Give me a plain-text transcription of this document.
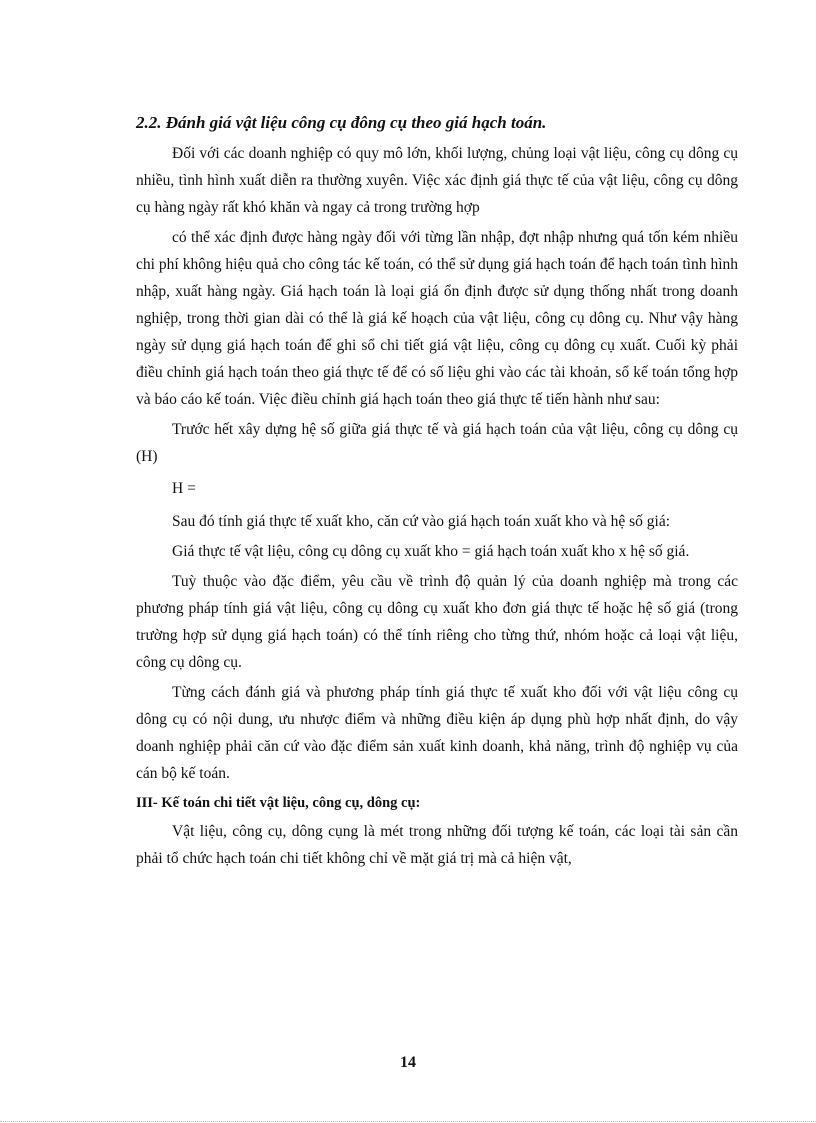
2.2. Đánh giá vật liệu công cụ đông cụ theo giá hạch toán.

Đối với các doanh nghiệp có quy mô lớn, khối lượng, chủng loại vật liệu, công cụ dông cụ nhiều, tình hình xuất diễn ra thường xuyên. Việc xác định giá thực tế của vật liệu, công cụ dông cụ hàng ngày rất khó khăn và ngay cả trong trường hợp

có thể xác định được hàng ngày đối với từng lần nhập, đợt nhập nhưng quá tốn kém nhiều chi phí không hiệu quả cho công tác kế toán, có thể sử dụng giá hạch toán để hạch toán tình hình nhập, xuất hàng ngày. Giá hạch toán là loại giá ổn định được sử dụng thống nhất trong doanh nghiệp, trong thời gian dài có thể là giá kế hoạch của vật liệu, công cụ dông cụ. Như vậy hàng ngày sử dụng giá hạch toán để ghi sổ chi tiết giá vật liệu, công cụ dông cụ xuất. Cuối kỳ phải điều chỉnh giá hạch toán theo giá thực tế để có số liệu ghi vào các tài khoản, sổ kế toán tổng hợp và báo cáo kế toán. Việc điều chỉnh giá hạch toán theo giá thực tế tiến hành như sau:

Trước hết xây dựng hệ số giữa giá thực tế và giá hạch toán của vật liệu, công cụ dông cụ (H)

H =

Sau đó tính giá thực tế xuất kho, căn cứ vào giá hạch toán xuất kho và hệ số giá:

Giá thực tế vật liệu, công cụ dông cụ xuất kho = giá hạch toán xuất kho x hệ số giá.

Tuỳ thuộc vào đặc điểm, yêu cầu về trình độ quản lý của doanh nghiệp mà trong các phương pháp tính giá vật liệu, công cụ dông cụ xuất kho đơn giá thực tế hoặc hệ số giá (trong trường hợp sử dụng giá hạch toán) có thể tính riêng cho từng thứ, nhóm hoặc cả loại vật liệu, công cụ dông cụ.

Từng cách đánh giá và phương pháp tính giá thực tế xuất kho đối với vật liệu công cụ dông cụ có nội dung, ưu nhược điểm và những điều kiện áp dụng phù hợp nhất định, do vậy doanh nghiệp phải căn cứ vào đặc điểm sản xuất kinh doanh, khả năng, trình độ nghiệp vụ của cán bộ kế toán.

III- Kế toán chi tiết vật liệu, công cụ, dông cụ:

Vật liệu, công cụ, dông cụng là mét trong những đối tượng kế toán, các loại tài sản cần phải tổ chức hạch toán chi tiết không chỉ về mặt giá trị mà cả hiện vật,

14
